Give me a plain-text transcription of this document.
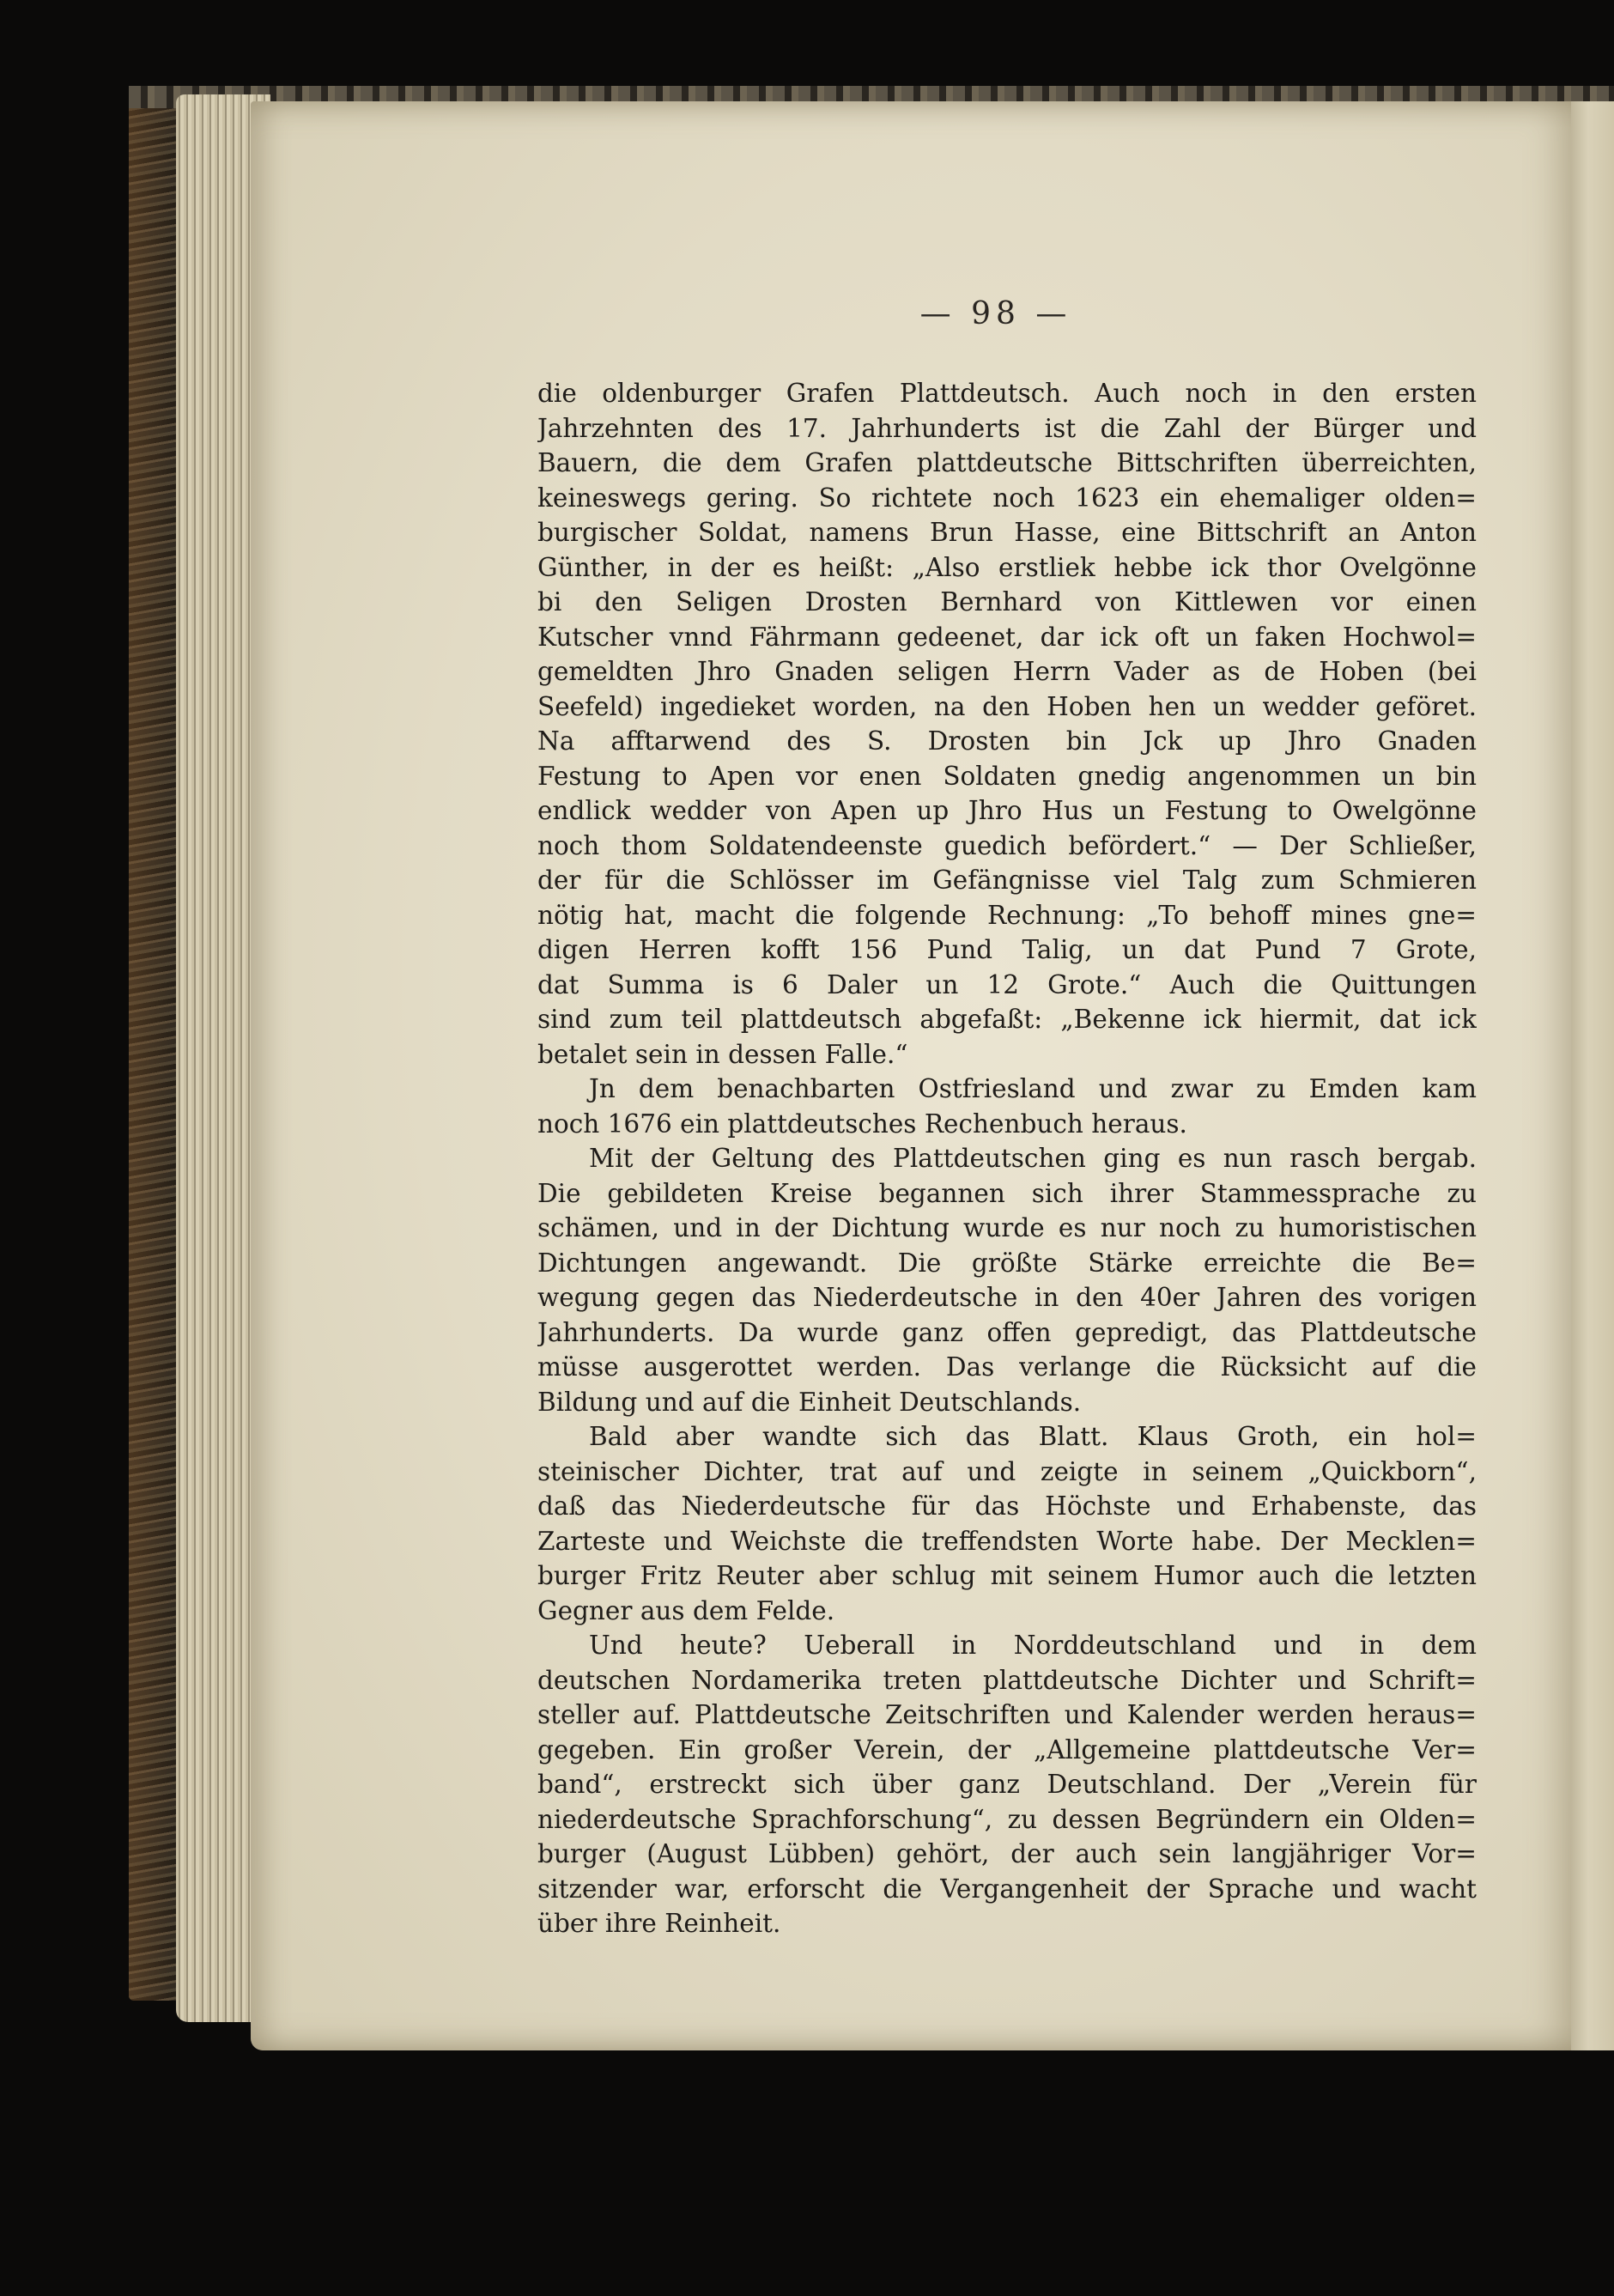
— 98 —
die oldenburger Grafen Plattdeutsch. Auch noch in den ersten
Jahrzehnten des 17. Jahrhunderts ist die Zahl der Bürger und
Bauern, die dem Grafen plattdeutsche Bittschriften überreichten,
keineswegs gering. So richtete noch 1623 ein ehemaliger olden=
burgischer Soldat, namens Brun Hasse, eine Bittschrift an Anton
Günther, in der es heißt: „Also erstliek hebbe ick thor Ovelgönne
bi den Seligen Drosten Bernhard von Kittlewen vor einen
Kutscher vnnd Fährmann gedeenet, dar ick oft un faken Hochwol=
gemeldten Jhro Gnaden seligen Herrn Vader as de Hoben (bei
Seefeld) ingedieket worden, na den Hoben hen un wedder geföret.
Na afftarwend des S. Drosten bin Jck up Jhro Gnaden
Festung to Apen vor enen Soldaten gnedig angenommen un bin
endlick wedder von Apen up Jhro Hus un Festung to Owelgönne
noch thom Soldatendeenste guedich befördert.“ — Der Schließer,
der für die Schlösser im Gefängnisse viel Talg zum Schmieren
nötig hat, macht die folgende Rechnung: „To behoff mines gne=
digen Herren kofft 156 Pund Talig, un dat Pund 7 Grote,
dat Summa is 6 Daler un 12 Grote.“ Auch die Quittungen
sind zum teil plattdeutsch abgefaßt: „Bekenne ick hiermit, dat ick
betalet sein in dessen Falle.“
Jn dem benachbarten Ostfriesland und zwar zu Emden kam
noch 1676 ein plattdeutsches Rechenbuch heraus.
Mit der Geltung des Plattdeutschen ging es nun rasch bergab.
Die gebildeten Kreise begannen sich ihrer Stammessprache zu
schämen, und in der Dichtung wurde es nur noch zu humoristischen
Dichtungen angewandt. Die größte Stärke erreichte die Be=
wegung gegen das Niederdeutsche in den 40er Jahren des vorigen
Jahrhunderts. Da wurde ganz offen gepredigt, das Plattdeutsche
müsse ausgerottet werden. Das verlange die Rücksicht auf die
Bildung und auf die Einheit Deutschlands.
Bald aber wandte sich das Blatt. Klaus Groth, ein hol=
steinischer Dichter, trat auf und zeigte in seinem „Quickborn“,
daß das Niederdeutsche für das Höchste und Erhabenste, das
Zarteste und Weichste die treffendsten Worte habe. Der Mecklen=
burger Fritz Reuter aber schlug mit seinem Humor auch die letzten
Gegner aus dem Felde.
Und heute? Ueberall in Norddeutschland und in dem
deutschen Nordamerika treten plattdeutsche Dichter und Schrift=
steller auf. Plattdeutsche Zeitschriften und Kalender werden heraus=
gegeben. Ein großer Verein, der „Allgemeine plattdeutsche Ver=
band“, erstreckt sich über ganz Deutschland. Der „Verein für
niederdeutsche Sprachforschung“, zu dessen Begründern ein Olden=
burger (August Lübben) gehört, der auch sein langjähriger Vor=
sitzender war, erforscht die Vergangenheit der Sprache und wacht
über ihre Reinheit.
